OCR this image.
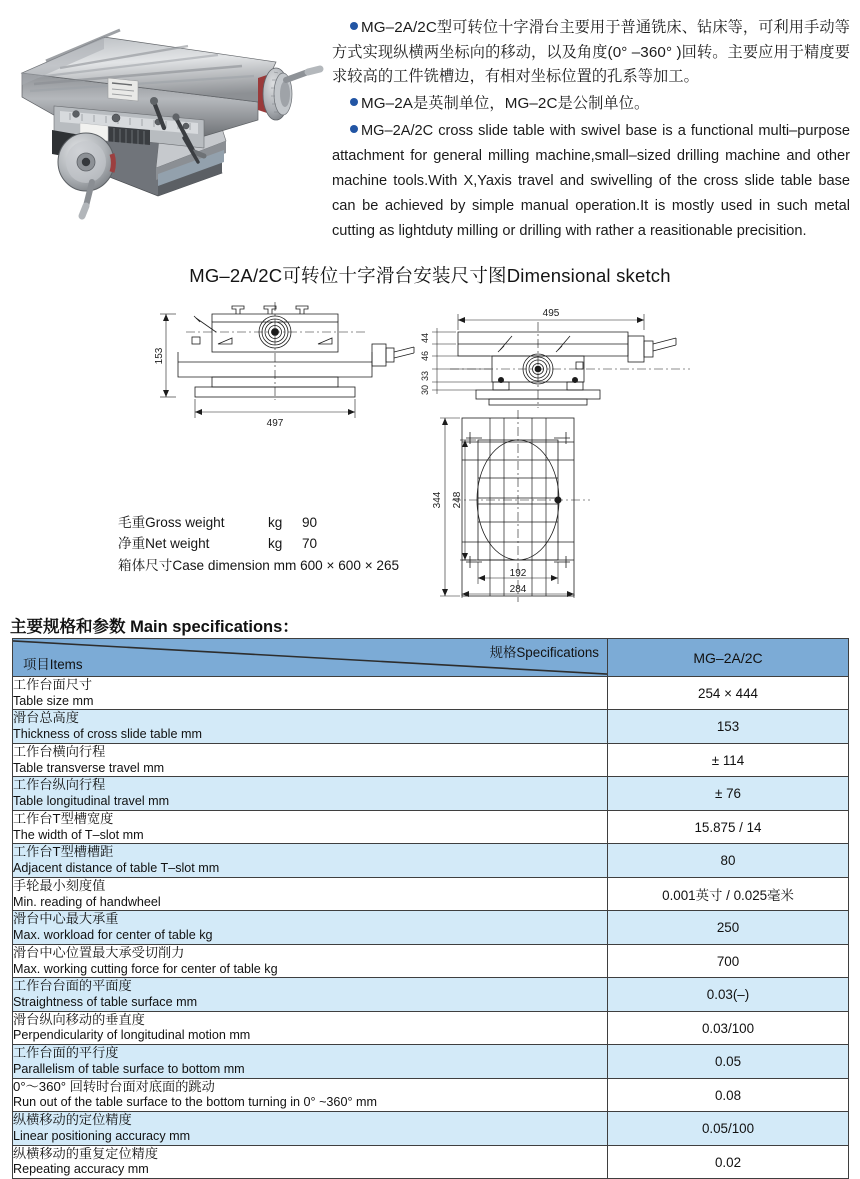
MG–2A/2C型可转位十字滑台主要用于普通铣床、钻床等，可利用手动等方式实现纵横两坐标向的移动，以及角度(0° –360° )回转。主要应用于精度要求较高的工件铣槽边，有相对坐标位置的孔系等加工。

MG–2A是英制单位，MG–2C是公制单位。

MG–2A/2C cross slide table with swivel base is a functional multi–purpose attachment for general milling machine,small–sized drilling machine and other machine tools.With X,Yaxis travel and swivelling of the cross slide table base can be achieved by simple manual operation.It is mostly used in such metal cutting as lightduty milling or drilling with rather a reasitionable precisition.

MG–2A/2C可转位十字滑台安装尺寸图Dimensional sketch
153
497
495
44
46
33
30
344 248
192
284
毛重Gross weight	kg 90
净重Net weight	kg 70
箱体尺寸Case dimension mm 600 × 600 × 265
主要规格和参数 Main specifications：
项目Items
规格Specifications	MG–2A/2C

工作台面尺寸
Table size mm	254 × 444

滑台总高度
Thickness of cross slide table mm	153

工作台横向行程
Table transverse travel mm	± 114

工作台纵向行程
Table longitudinal travel mm	± 76

工作台T型槽宽度
The width of T–slot mm	15.875 / 14

工作台T型槽槽距
Adjacent distance of table T–slot mm	80

手轮最小刻度值
Min. reading of handwheel	0.001英寸 / 0.025毫米

滑台中心最大承重
Max. workload for center of table kg	250

滑台中心位置最大承受切削力
Max. working cutting force for center of table kg	700

工作台台面的平面度
Straightness of table surface mm	0.03(–)

滑台纵向移动的垂直度
Perpendicularity of longitudinal motion mm	0.03/100

工作台面的平行度
Parallelism of table surface to bottom mm	0.05

0°～360° 回转时台面对底面的跳动
Run out of the table surface to the bottom turning in 0° ~360° mm	0.08

纵横移动的定位精度
Linear positioning accuracy mm	0.05/100

纵横移动的重复定位精度
Repeating accuracy mm	0.02
